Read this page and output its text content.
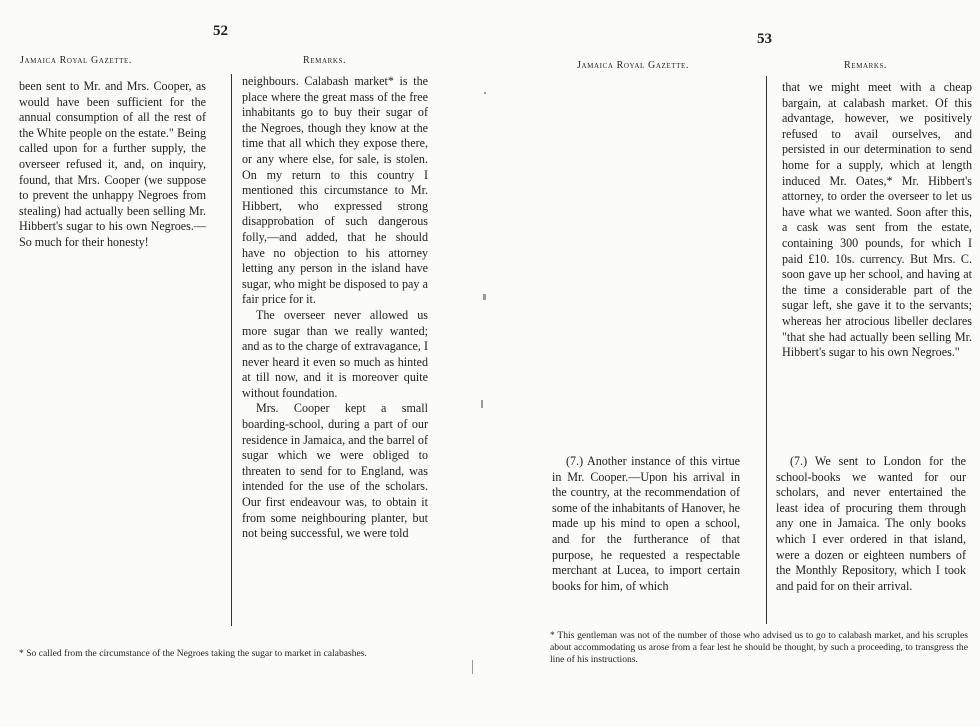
52
Jamaica Royal Gazette.	Remarks.

been sent to Mr. and Mrs. Cooper, as would have been sufficient for the annual consumption of all the rest of the White people on the estate." Being called upon for a further supply, the overseer refused it, and, on inquiry, found, that Mrs. Cooper (we suppose to prevent the unhappy Negroes from stealing) had actually been selling Mr. Hibbert's sugar to his own Negroes.—So much for their honesty!

neighbours. Calabash market* is the place where the great mass of the free inhabitants go to buy their sugar of the Negroes, though they know at the time that all which they expose there, or any where else, for sale, is stolen. On my return to this country I mentioned this circumstance to Mr. Hibbert, who expressed strong disapprobation of such dangerous folly,—and added, that he should have no objection to his attorney letting any person in the island have sugar, who might be disposed to pay a fair price for it.

The overseer never allowed us more sugar than we really wanted; and as to the charge of extravagance, I never heard it even so much as hinted at till now, and it is moreover quite without foundation.

Mrs. Cooper kept a small boarding-school, during a part of our residence in Jamaica, and the barrel of sugar which we were obliged to threaten to send for to England, was intended for the use of the scholars. Our first endeavour was, to obtain it from some neighbouring planter, but not being successful, we were told

* So called from the circumstance of the Negroes taking the sugar to market in calabashes.
53
Jamaica Royal Gazette.	Remarks.

that we might meet with a cheap bargain, at calabash market. Of this advantage, however, we positively refused to avail ourselves, and persisted in our determination to send home for a supply, which at length induced Mr. Oates,* Mr. Hibbert's attorney, to order the overseer to let us have what we wanted. Soon after this, a cask was sent from the estate, containing 300 pounds, for which I paid £10. 10s. currency. But Mrs. C. soon gave up her school, and having at the time a considerable part of the sugar left, she gave it to the servants; whereas her atrocious libeller declares "that she had actually been selling Mr. Hibbert's sugar to his own Negroes."

(7.) Another instance of this virtue in Mr. Cooper.—Upon his arrival in the country, at the recommendation of some of the inhabitants of Hanover, he made up his mind to open a school, and for the furtherance of that purpose, he requested a respectable merchant at Lucea, to import certain books for him, of which

(7.) We sent to London for the school-books we wanted for our scholars, and never entertained the least idea of procuring them through any one in Jamaica. The only books which I ever ordered in that island, were a dozen or eighteen numbers of the Monthly Repository, which I took and paid for on their arrival.

* This gentleman was not of the number of those who advised us to go to calabash market, and his scruples about accommodating us arose from a fear lest he should be thought, by such a proceeding, to transgress the line of his instructions.
